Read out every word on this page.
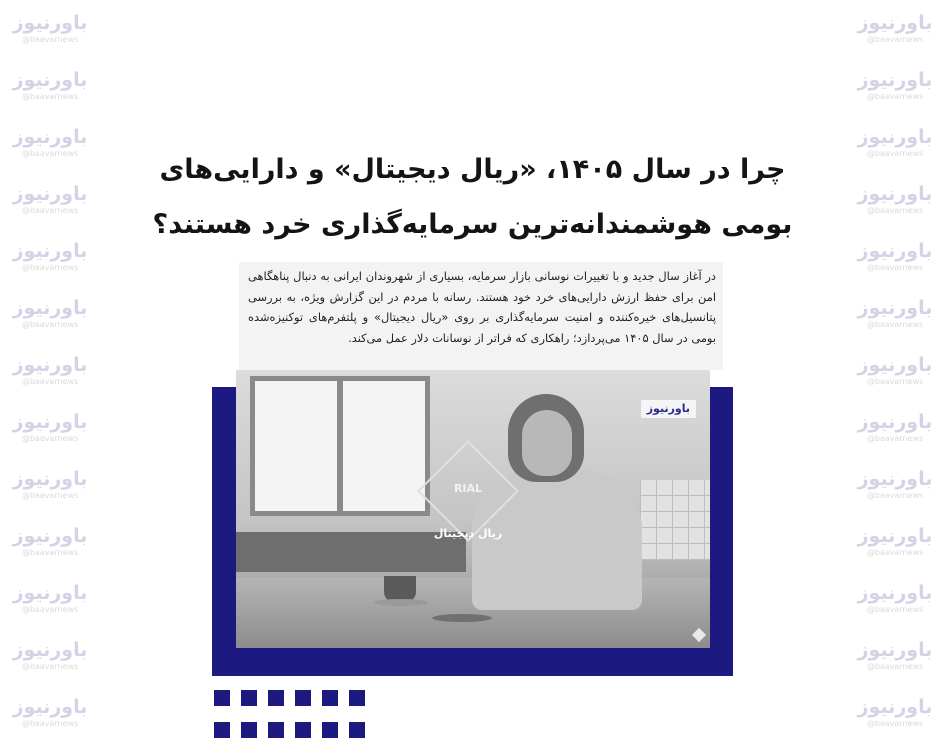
باورنیوز
@baavarnews
باورنیوز
@baavarnews
باورنیوز
@baavarnews
باورنیوز
@baavarnews
باورنیوز
@baavarnews
باورنیوز
@baavarnews
باورنیوز
@baavarnews
باورنیوز
@baavarnews
باورنیوز
@baavarnews
باورنیوز
@baavarnews
باورنیوز
@baavarnews
باورنیوز
@baavarnews
باورنیوز
@baavarnews
باورنیوز
@baavarnews
باورنیوز
@baavarnews
باورنیوز
@baavarnews
باورنیوز
@baavarnews
باورنیوز
@baavarnews
باورنیوز
@baavarnews
باورنیوز
@baavarnews
باورنیوز
@baavarnews
باورنیوز
@baavarnews
باورنیوز
@baavarnews
باورنیوز
@baavarnews
باورنیوز
@baavarnews
باورنیوز
@baavarnews
چرا در سال ۱۴۰۵، «ریال دیجیتال» و دارایی‌های
بومی هوشمندانه‌ترین سرمایه‌گذاری خرد هستند؟

در آغاز سال جدید و با تغییرات نوسانی بازار سرمایه، بسیاری از شهروندان ایرانی به دنبال پناهگاهی امن برای حفظ ارزش دارایی‌های خرد خود هستند. رسانه با مردم در این گزارش ویژه، به بررسی پتانسیل‌های خیره‌کننده و امنیت سرمایه‌گذاری بر روی «ریال دیجیتال» و پلتفرم‌های توکنیزه‌شده بومی در سال ۱۴۰۵ می‌پردازد؛ راهکاری که فراتر از نوسانات دلار عمل می‌کند.

RIAL
ریال دیجیتال
باورنیوز
